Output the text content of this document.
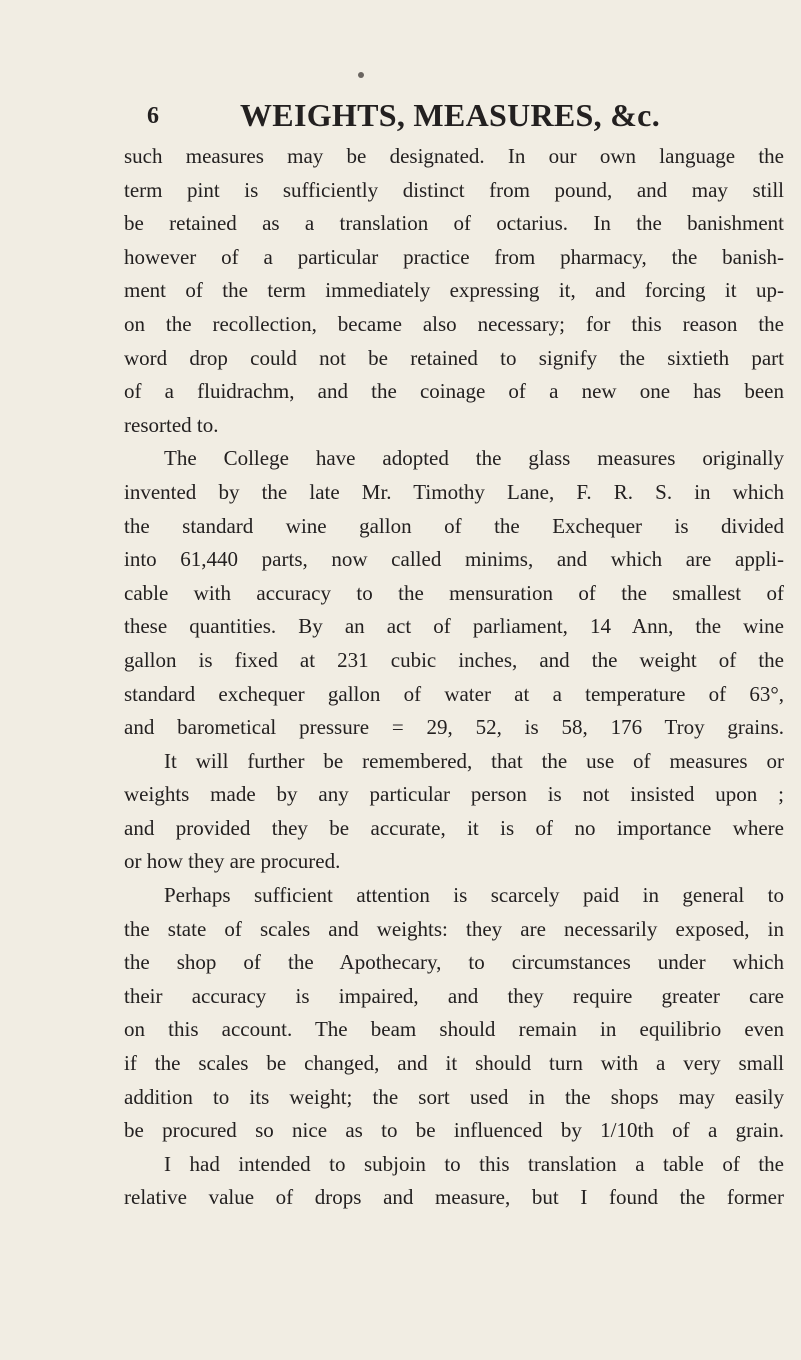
6	WEIGHTS, MEASURES, &c.
such measures may be designated. In our own language the
term pint is sufficiently distinct from pound, and may still
be retained as a translation of octarius. In the banishment
however of a particular practice from pharmacy, the banish-
ment of the term immediately expressing it, and forcing it up-
on the recollection, became also necessary; for this reason the
word drop could not be retained to signify the sixtieth part
of a fluidrachm, and the coinage of a new one has been
resorted to.
The College have adopted the glass measures originally
invented by the late Mr. Timothy Lane, F. R. S. in which
the standard wine gallon of the Exchequer is divided
into 61,440 parts, now called minims, and which are appli-
cable with accuracy to the mensuration of the smallest of
these quantities. By an act of parliament, 14 Ann, the wine
gallon is fixed at 231 cubic inches, and the weight of the
standard exchequer gallon of water at a temperature of 63°,
and barometical pressure = 29, 52, is 58, 176 Troy grains.
It will further be remembered, that the use of measures or
weights made by any particular person is not insisted upon ;
and provided they be accurate, it is of no importance where
or how they are procured.
Perhaps sufficient attention is scarcely paid in general to
the state of scales and weights: they are necessarily exposed, in
the shop of the Apothecary, to circumstances under which
their accuracy is impaired, and they require greater care
on this account. The beam should remain in equilibrio even
if the scales be changed, and it should turn with a very small
addition to its weight; the sort used in the shops may easily
be procured so nice as to be influenced by 1/10th of a grain.
I had intended to subjoin to this translation a table of the
relative value of drops and measure, but I found the former
